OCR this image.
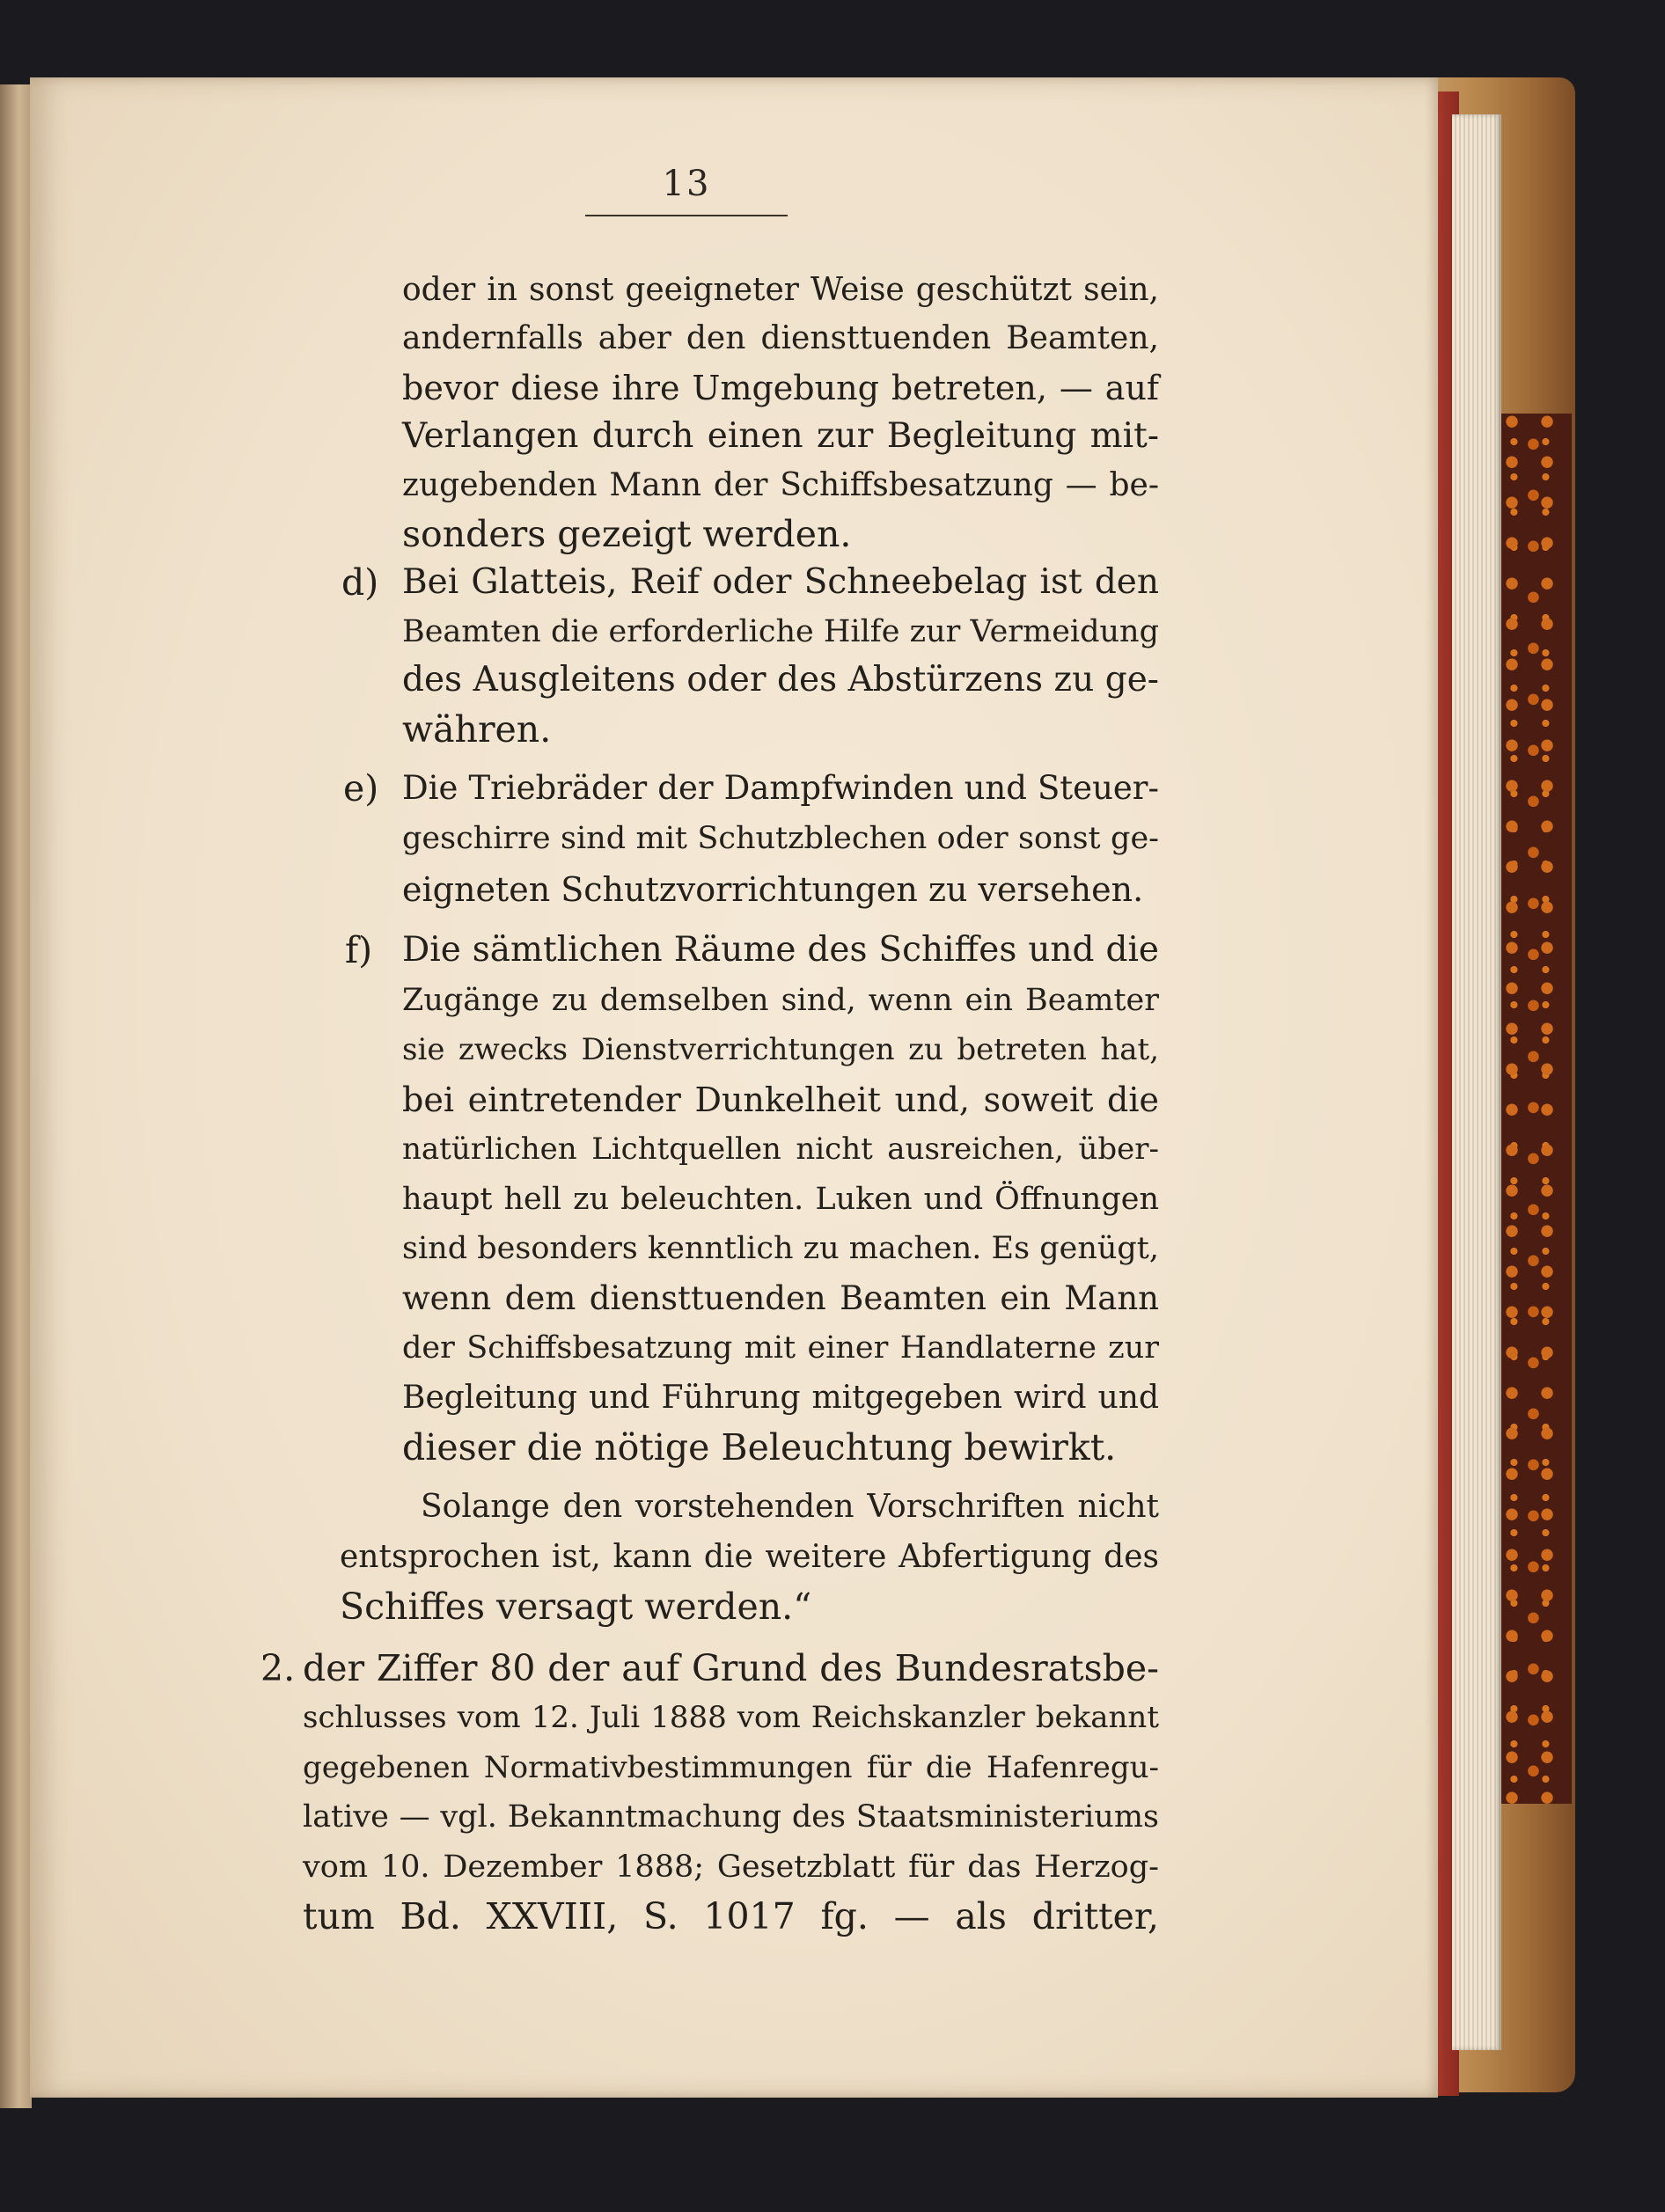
13
oder in sonst geeigneter Weise geschützt sein,
andernfalls aber den diensttuenden Beamten,
bevor diese ihre Umgebung betreten, — auf
Verlangen durch einen zur Begleitung mit-
zugebenden Mann der Schiffsbesatzung — be-
sonders gezeigt werden.
d) Bei Glatteis, Reif oder Schneebelag ist den
Beamten die erforderliche Hilfe zur Vermeidung
des Ausgleitens oder des Abstürzens zu ge-
währen.
e) Die Triebräder der Dampfwinden und Steuer-
geschirre sind mit Schutzblechen oder sonst ge-
eigneten Schutzvorrichtungen zu versehen.
f) Die sämtlichen Räume des Schiffes und die
Zugänge zu demselben sind, wenn ein Beamter
sie zwecks Dienstverrichtungen zu betreten hat,
bei eintretender Dunkelheit und, soweit die
natürlichen Lichtquellen nicht ausreichen, über-
haupt hell zu beleuchten. Luken und Öffnungen
sind besonders kenntlich zu machen. Es genügt,
wenn dem diensttuenden Beamten ein Mann
der Schiffsbesatzung mit einer Handlaterne zur
Begleitung und Führung mitgegeben wird und
dieser die nötige Beleuchtung bewirkt.
Solange den vorstehenden Vorschriften nicht
entsprochen ist, kann die weitere Abfertigung des
Schiffes versagt werden.“
2. der Ziffer 80 der auf Grund des Bundesratsbe-
schlusses vom 12. Juli 1888 vom Reichskanzler bekannt
gegebenen Normativbestimmungen für die Hafenregu-
lative — vgl. Bekanntmachung des Staatsministeriums
vom 10. Dezember 1888; Gesetzblatt für das Herzog-
tum Bd. XXVIII, S. 1017 fg. — als dritter,
